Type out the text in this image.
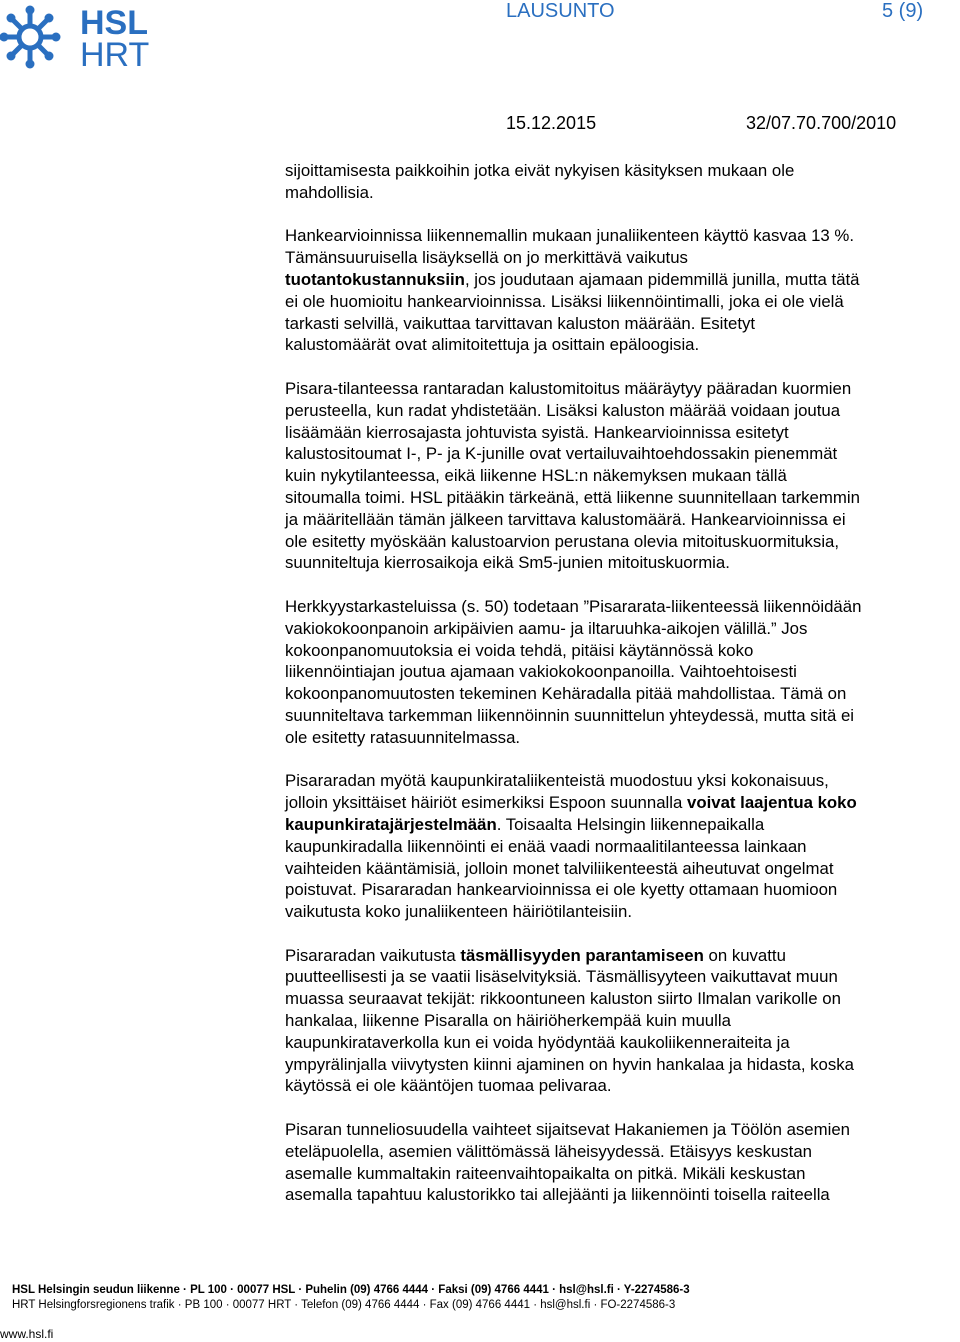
HSL
HRT
LAUSUNTO	5 (9)
15.12.2015	32/07.70.700/2010

sijoittamisesta paikkoihin jotka eivät nykyisen käsityksen mukaan ole
mahdollisia.

Hankearvioinnissa liikennemallin mukaan junaliikenteen käyttö kasvaa 13 %.
Tämänsuuruisella lisäyksellä on jo merkittävä vaikutus
tuotantokustannuksiin, jos joudutaan ajamaan pidemmillä junilla, mutta tätä
ei ole huomioitu hankearvioinnissa. Lisäksi liikennöintimalli, joka ei ole vielä
tarkasti selvillä, vaikuttaa tarvittavan kaluston määrään. Esitetyt
kalustomäärät ovat alimitoitettuja ja osittain epäloogisia.

Pisara-tilanteessa rantaradan kalustomitoitus määräytyy pääradan kuormien
perusteella, kun radat yhdistetään. Lisäksi kaluston määrää voidaan joutua
lisäämään kierrosajasta johtuvista syistä. Hankearvioinnissa esitetyt
kalustositoumat I-, P- ja K-junille ovat vertailuvaihtoehdossakin pienemmät
kuin nykytilanteessa, eikä liikenne HSL:n näkemyksen mukaan tällä
sitoumalla toimi. HSL pitääkin tärkeänä, että liikenne suunnitellaan tarkemmin
ja määritellään tämän jälkeen tarvittava kalustomäärä. Hankearvioinnissa ei
ole esitetty myöskään kalustoarvion perustana olevia mitoituskuormituksia,
suunniteltuja kierrosaikoja eikä Sm5-junien mitoituskuormia.

Herkkyystarkasteluissa (s. 50) todetaan ”Pisararata-liikenteessä liikennöidään
vakiokokoonpanoin arkipäivien aamu- ja iltaruuhka-aikojen välillä.” Jos
kokoonpanomuutoksia ei voida tehdä, pitäisi käytännössä koko
liikennöintiajan joutua ajamaan vakiokokoonpanoilla. Vaihtoehtoisesti
kokoonpanomuutosten tekeminen Kehäradalla pitää mahdollistaa. Tämä on
suunniteltava tarkemman liikennöinnin suunnittelun yhteydessä, mutta sitä ei
ole esitetty ratasuunnitelmassa.

Pisararadan myötä kaupunkirataliikenteistä muodostuu yksi kokonaisuus,
jolloin yksittäiset häiriöt esimerkiksi Espoon suunnalla voivat laajentua koko
kaupunkiratajärjestelmään. Toisaalta Helsingin liikennepaikalla
kaupunkiradalla liikennöinti ei enää vaadi normaalitilanteessa lainkaan
vaihteiden kääntämisiä, jolloin monet talviliikenteestä aiheutuvat ongelmat
poistuvat. Pisararadan hankearvioinnissa ei ole kyetty ottamaan huomioon
vaikutusta koko junaliikenteen häiriötilanteisiin.

Pisararadan vaikutusta täsmällisyyden parantamiseen on kuvattu
puutteellisesti ja se vaatii lisäselvityksiä. Täsmällisyyteen vaikuttavat muun
muassa seuraavat tekijät: rikkoontuneen kaluston siirto Ilmalan varikolle on
hankalaa, liikenne Pisaralla on häiriöherkempää kuin muulla
kaupunkirataverkolla kun ei voida hyödyntää kaukoliikenneraiteita ja
ympyrälinjalla viivytysten kiinni ajaminen on hyvin hankalaa ja hidasta, koska
käytössä ei ole kääntöjen tuomaa pelivaraa.

Pisaran tunneliosuudella vaihteet sijaitsevat Hakaniemen ja Töölön asemien
eteläpuolella, asemien välittömässä läheisyydessä. Etäisyys keskustan
asemalle kummaltakin raiteenvaihtopaikalta on pitkä. Mikäli keskustan
asemalla tapahtuu kalustorikko tai allejäänti ja liikennöinti toisella raiteella

HSL Helsingin seudun liikenne · PL 100 · 00077 HSL · Puhelin (09) 4766 4444 · Faksi (09) 4766 4441 · hsl@hsl.fi · Y-2274586-3
HRT Helsingforsregionens trafik · PB 100 · 00077 HRT · Telefon (09) 4766 4444 · Fax (09) 4766 4441 · hsl@hsl.fi · FO-2274586-3
www.hsl.fi
